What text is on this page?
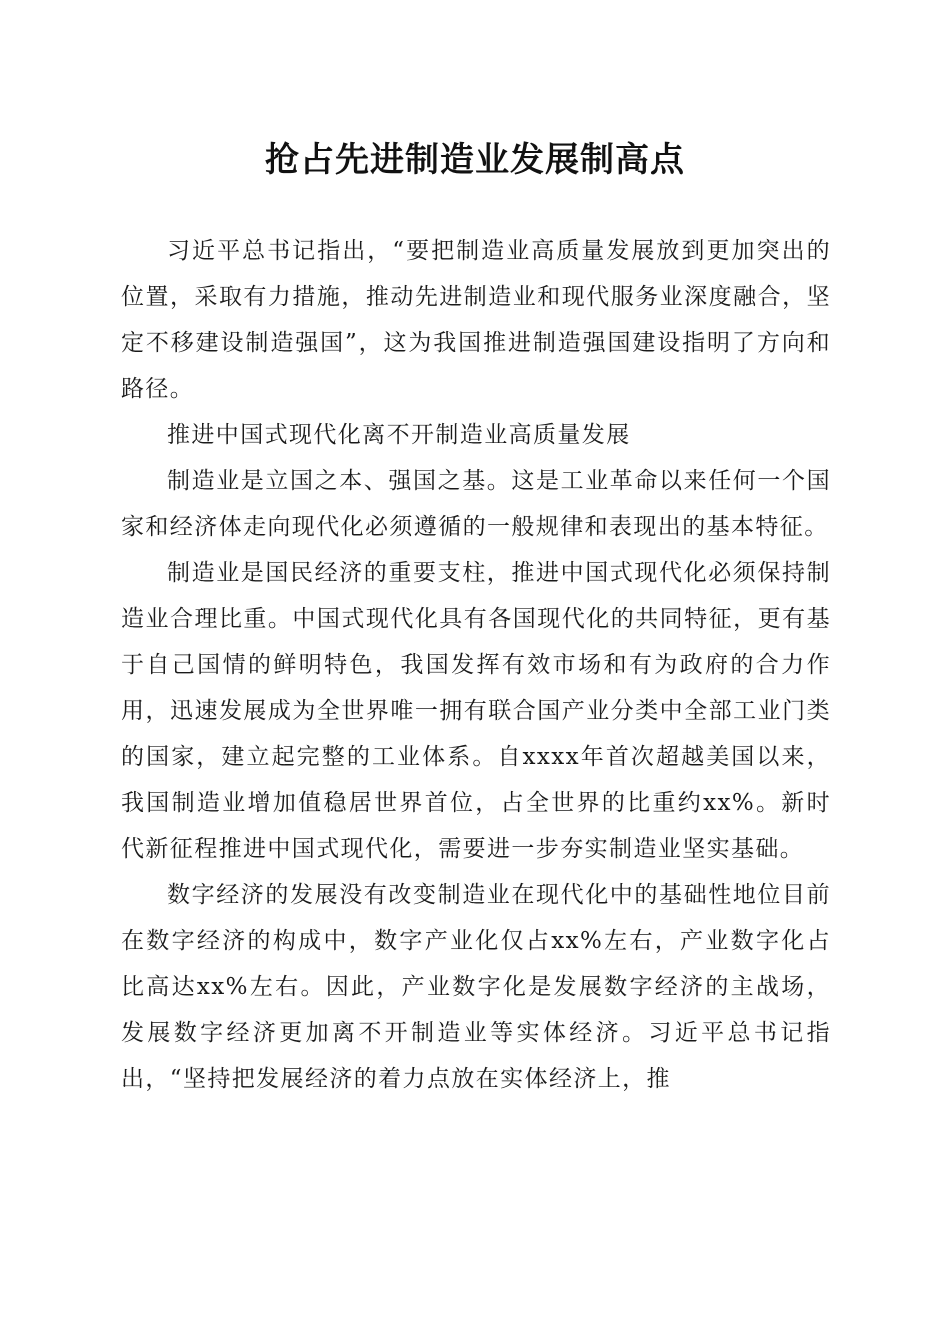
抢占先进制造业发展制高点

习近平总书记指出，“要把制造业高质量发展放到更加突出的位置，采取有力措施，推动先进制造业和现代服务业深度融合，坚定不移建设制造强国”，这为我国推进制造强国建设指明了方向和路径。

推进中国式现代化离不开制造业高质量发展

制造业是立国之本、强国之基。这是工业革命以来任何一个国家和经济体走向现代化必须遵循的一般规律和表现出的基本特征。

制造业是国民经济的重要支柱，推进中国式现代化必须保持制造业合理比重。中国式现代化具有各国现代化的共同特征，更有基于自己国情的鲜明特色，我国发挥有效市场和有为政府的合力作用，迅速发展成为全世界唯一拥有联合国产业分类中全部工业门类的国家，建立起完整的工业体系。自xxxx年首次超越美国以来，我国制造业增加值稳居世界首位，占全世界的比重约xx%。新时代新征程推进中国式现代化，需要进一步夯实制造业坚实基础。

数字经济的发展没有改变制造业在现代化中的基础性地位目前在数字经济的构成中，数字产业化仅占xx%左右，产业数字化占比高达xx%左右。因此，产业数字化是发展数字经济的主战场，发展数字经济更加离不开制造业等实体经济。习近平总书记指出，“坚持把发展经济的着力点放在实体经济上，推
